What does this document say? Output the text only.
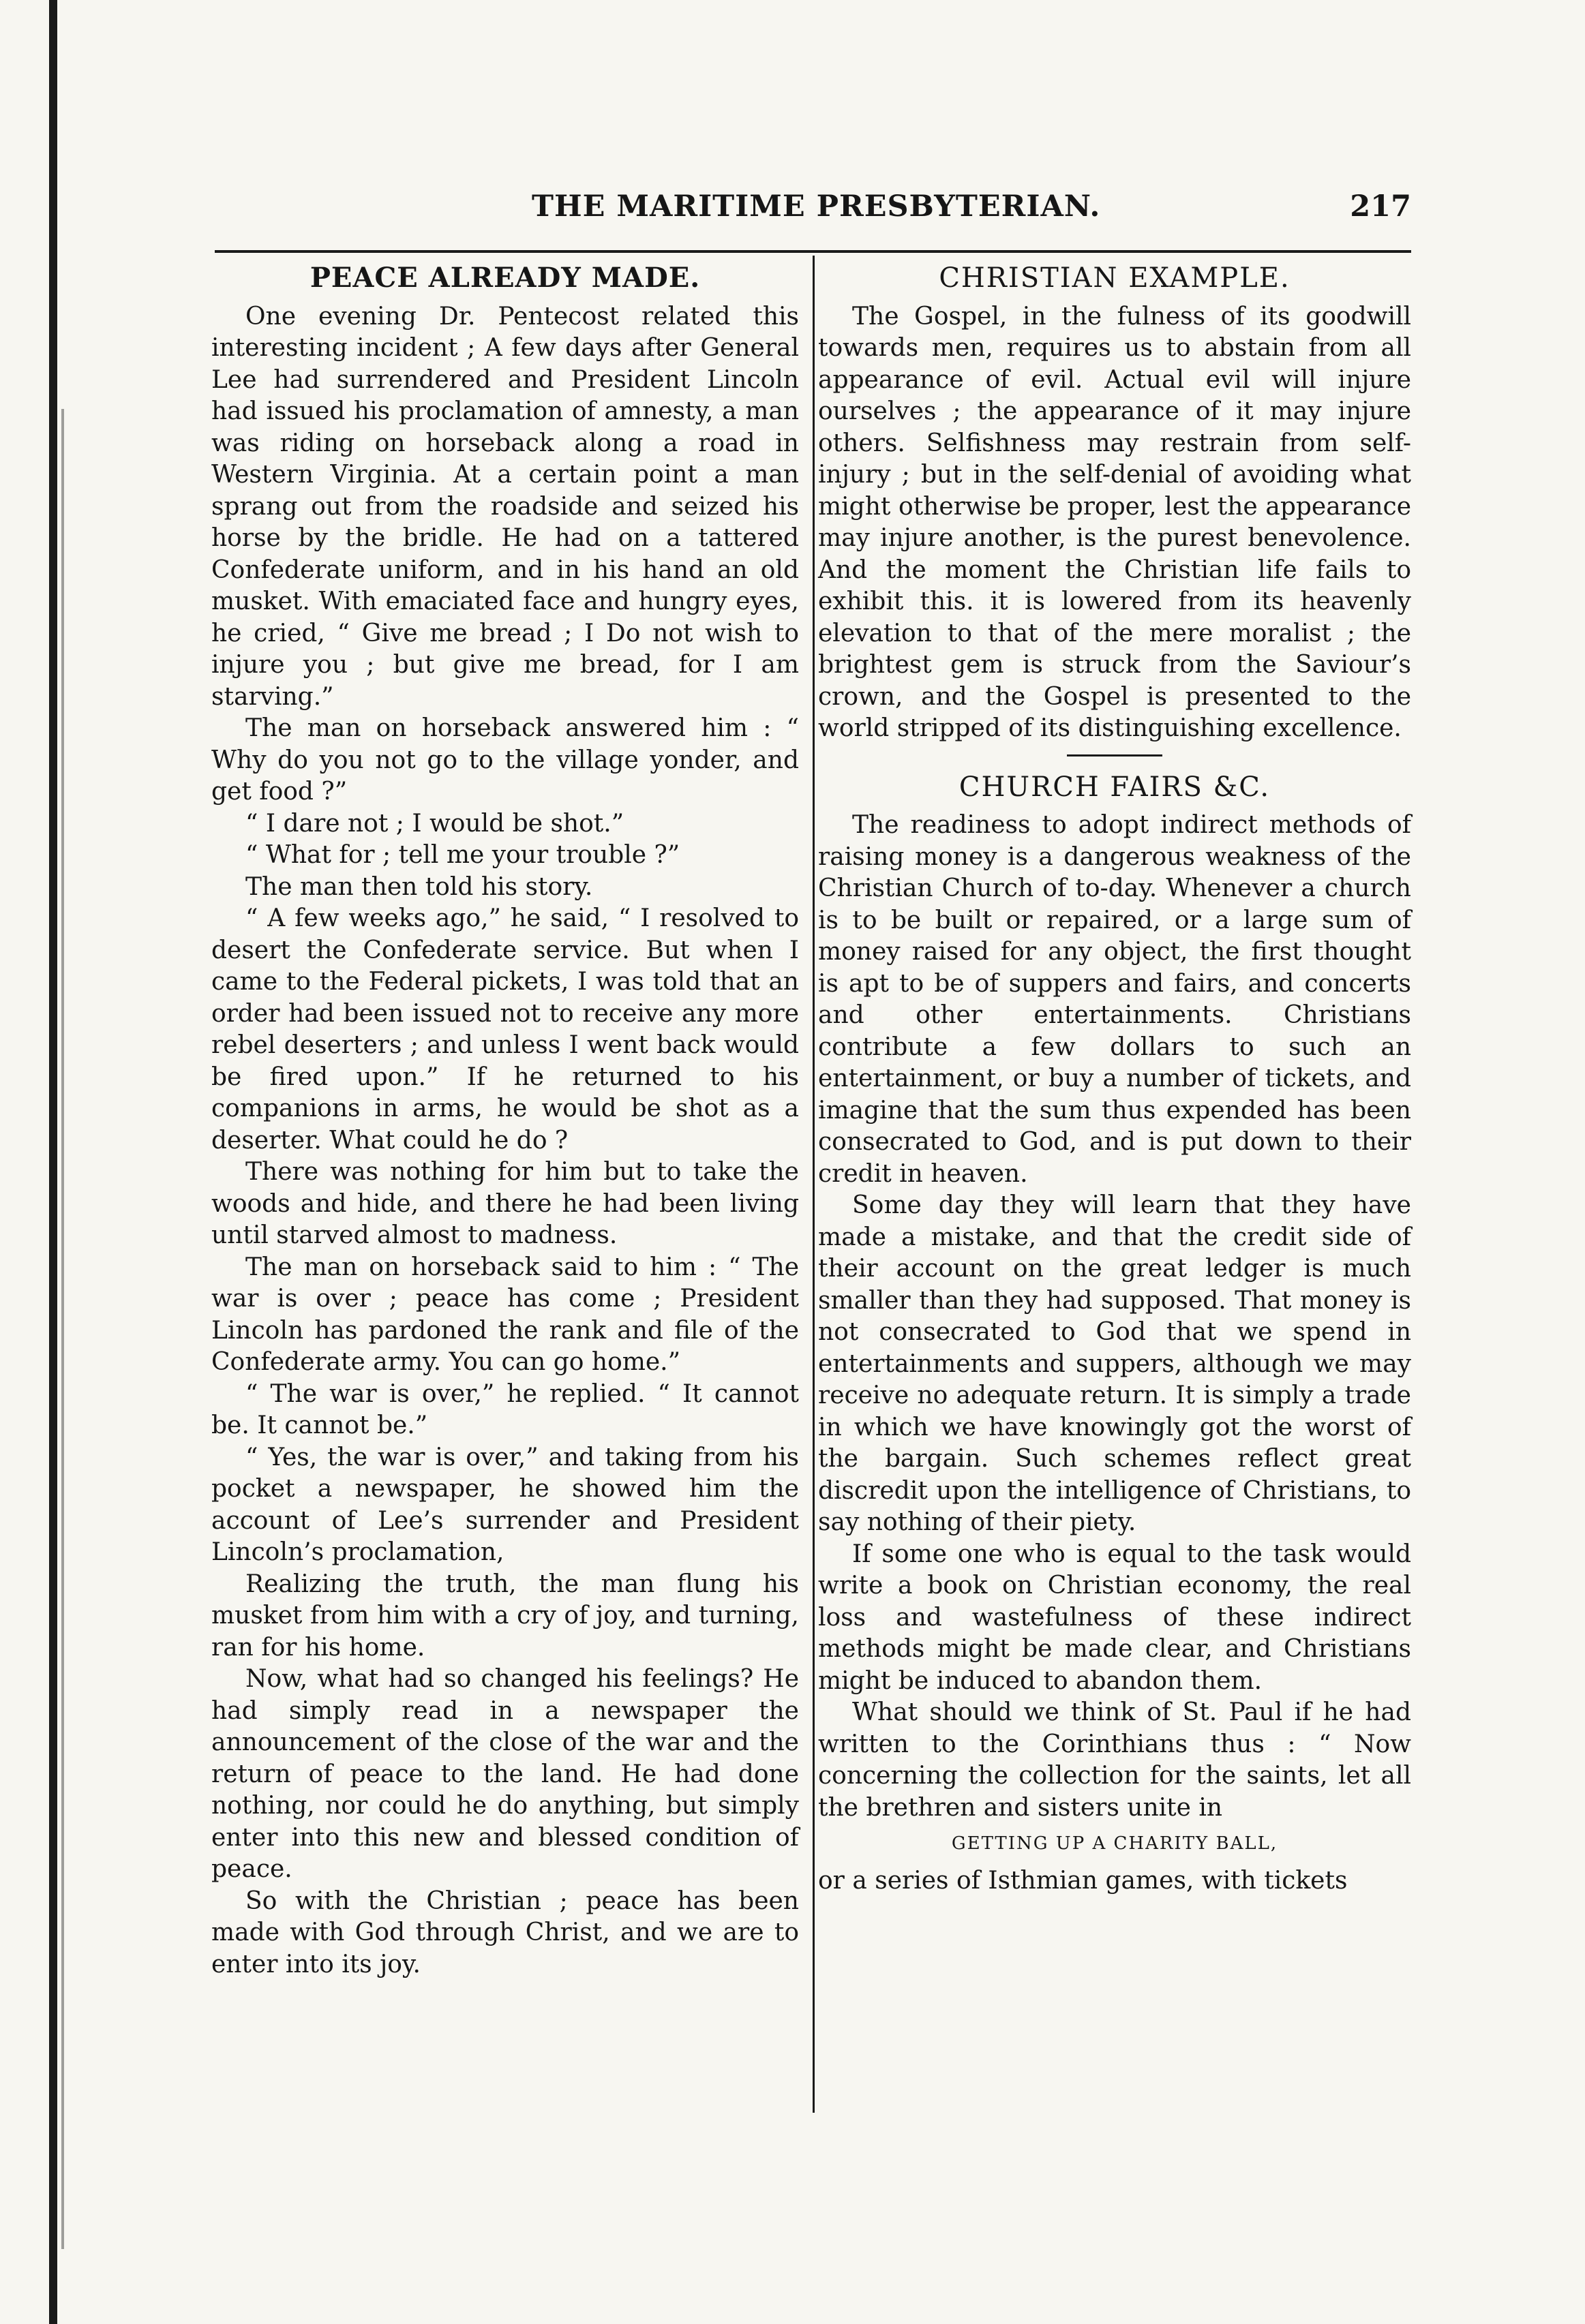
THE MARITIME PRESBYTERIAN.	217
PEACE ALREADY MADE.

One evening Dr. Pentecost related this interesting incident ; A few days after General Lee had surrendered and President Lincoln had issued his proclamation of amnesty, a man was riding on horseback along a road in Western Virginia. At a certain point a man sprang out from the roadside and seized his horse by the bridle. He had on a tattered Confederate uniform, and in his hand an old musket. With emaciated face and hungry eyes, he cried, “ Give me bread ; I Do not wish to injure you ; but give me bread, for I am starving.”

The man on horseback answered him : “ Why do you not go to the village yonder, and get food ?”

“ I dare not ; I would be shot.”

“ What for ; tell me your trouble ?”

The man then told his story.

“ A few weeks ago,” he said, “ I resolved to desert the Confederate service. But when I came to the Federal pickets, I was told that an order had been issued not to receive any more rebel deserters ; and unless I went back would be fired upon.” If he returned to his companions in arms, he would be shot as a deserter. What could he do ?

There was nothing for him but to take the woods and hide, and there he had been living until starved almost to madness.

The man on horseback said to him : “ The war is over ; peace has come ; President Lincoln has pardoned the rank and file of the Confederate army. You can go home.”

“ The war is over,” he replied. “ It cannot be. It cannot be.”

“ Yes, the war is over,” and taking from his pocket a newspaper, he showed him the account of Lee’s surrender and President Lincoln’s proclamation,

Realizing the truth, the man flung his musket from him with a cry of joy, and turning, ran for his home.

Now, what had so changed his feelings? He had simply read in a newspaper the announcement of the close of the war and the return of peace to the land. He had done nothing, nor could he do anything, but simply enter into this new and blessed condition of peace.

So with the Christian ; peace has been made with God through Christ, and we are to enter into its joy.

CHRISTIAN EXAMPLE.

The Gospel, in the fulness of its goodwill towards men, requires us to abstain from all appearance of evil. Actual evil will injure ourselves ; the appearance of it may injure others. Selfishness may restrain from self-injury ; but in the self-denial of avoiding what might otherwise be proper, lest the appearance may injure another, is the purest benevolence. And the moment the Christian life fails to exhibit this. it is lowered from its heavenly elevation to that of the mere moralist ; the brightest gem is struck from the Saviour’s crown, and the Gospel is presented to the world stripped of its distinguishing excellence.

CHURCH FAIRS &C.

The readiness to adopt indirect methods of raising money is a dangerous weakness of the Christian Church of to-day. Whenever a church is to be built or repaired, or a large sum of money raised for any object, the first thought is apt to be of suppers and fairs, and concerts and other entertainments. Christians contribute a few dollars to such an entertainment, or buy a number of tickets, and imagine that the sum thus expended has been consecrated to God, and is put down to their credit in heaven.

Some day they will learn that they have made a mistake, and that the credit side of their account on the great ledger is much smaller than they had supposed. That money is not consecrated to God that we spend in entertainments and suppers, although we may receive no adequate return. It is simply a trade in which we have knowingly got the worst of the bargain. Such schemes reflect great discredit upon the intelligence of Christians, to say nothing of their piety.

If some one who is equal to the task would write a book on Christian economy, the real loss and wastefulness of these indirect methods might be made clear, and Christians might be induced to abandon them.

What should we think of St. Paul if he had written to the Corinthians thus : “ Now concerning the collection for the saints, let all the brethren and sisters unite in

GETTING UP A CHARITY BALL,

or a series of Isthmian games, with tickets
